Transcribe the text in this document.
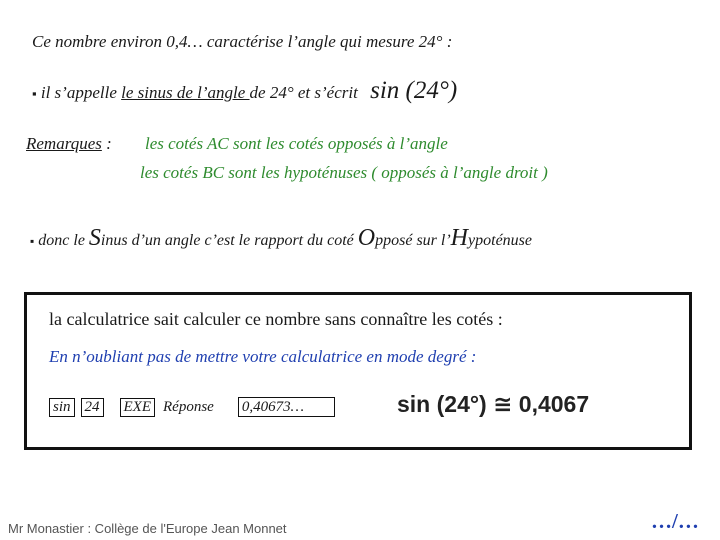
Ce nombre environ 0,4… caractérise l’angle qui mesure 24° :
▪ il s’appelle le sinus de l’angle de 24° et s’écrit sin (24°)
Remarques : les cotés AC sont les cotés opposés à l’angle
les cotés BC sont les hypoténuses ( opposés à l’angle droit )
▪ donc le Sinus d’un angle c’est le rapport du coté Opposé sur l’Hypoténuse
la calculatrice sait calculer ce nombre sans connaître les cotés :
En n’oubliant pas de mettre votre calculatrice en mode degré :
sin 24 EXE Réponse 0,40673…	sin (24°) ≅ 0,4067
Mr Monastier : Collège de l'Europe Jean Monnet	…/…
